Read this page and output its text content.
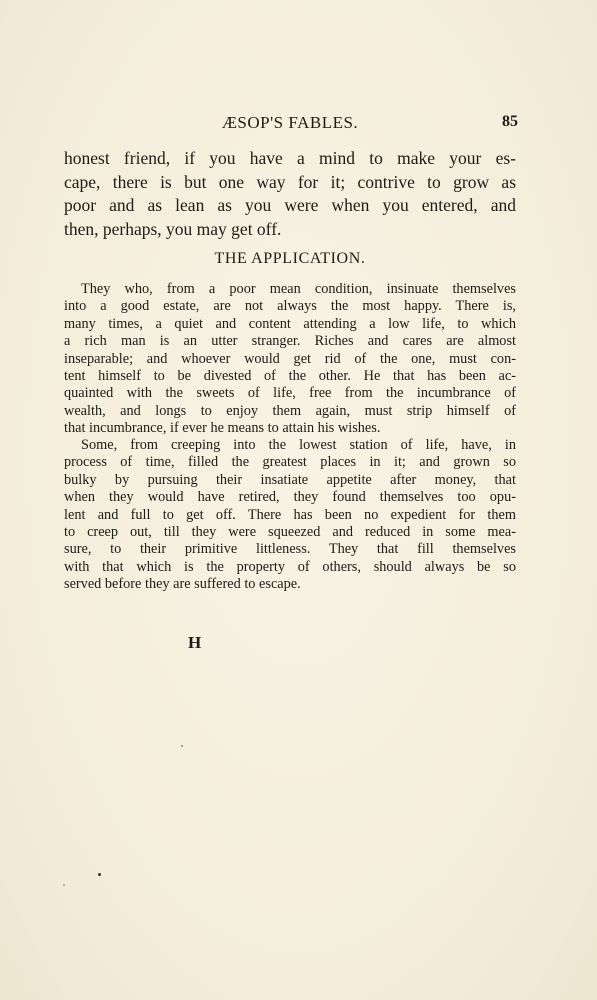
ÆSOP'S FABLES.	85
honest friend, if you have a mind to make your es-
cape, there is but one way for it; contrive to grow as
poor and as lean as you were when you entered, and
then, perhaps, you may get off.
THE APPLICATION.
They who, from a poor mean condition, insinuate themselves
into a good estate, are not always the most happy. There is,
many times, a quiet and content attending a low life, to which
a rich man is an utter stranger. Riches and cares are almost
inseparable; and whoever would get rid of the one, must con-
tent himself to be divested of the other. He that has been ac-
quainted with the sweets of life, free from the incumbrance of
wealth, and longs to enjoy them again, must strip himself of
that incumbrance, if ever he means to attain his wishes.
Some, from creeping into the lowest station of life, have, in
process of time, filled the greatest places in it; and grown so
bulky by pursuing their insatiate appetite after money, that
when they would have retired, they found themselves too opu-
lent and full to get off. There has been no expedient for them
to creep out, till they were squeezed and reduced in some mea-
sure, to their primitive littleness. They that fill themselves
with that which is the property of others, should always be so
served before they are suffered to escape.
H
